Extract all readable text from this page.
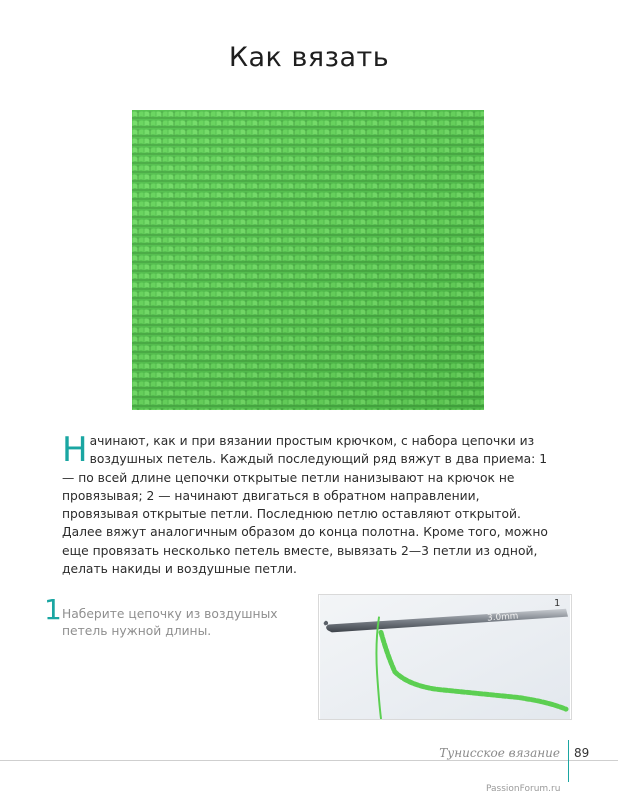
Как вязать
Начинают, как и при вязании простым крючком, с набора цепочки из воздушных петель. Каждый последующий ряд вяжут в два приема: 1 — по всей длине цепочки открытые петли нанизывают на крючок не провязывая; 2 — начинают двигаться в обратном направлении, провязывая открытые петли. Последнюю петлю оставляют открытой. Далее вяжут аналогичным образом до конца полотна. Кроме того, можно еще провязать несколько петель вместе, вывязать 2—3 петли из одной, делать накиды и воздушные петли.
1 Наберите цепочку из воздушных петель нужной длины.
3.0mm
1
Тунисское вязание 89
PassionForum.ru
